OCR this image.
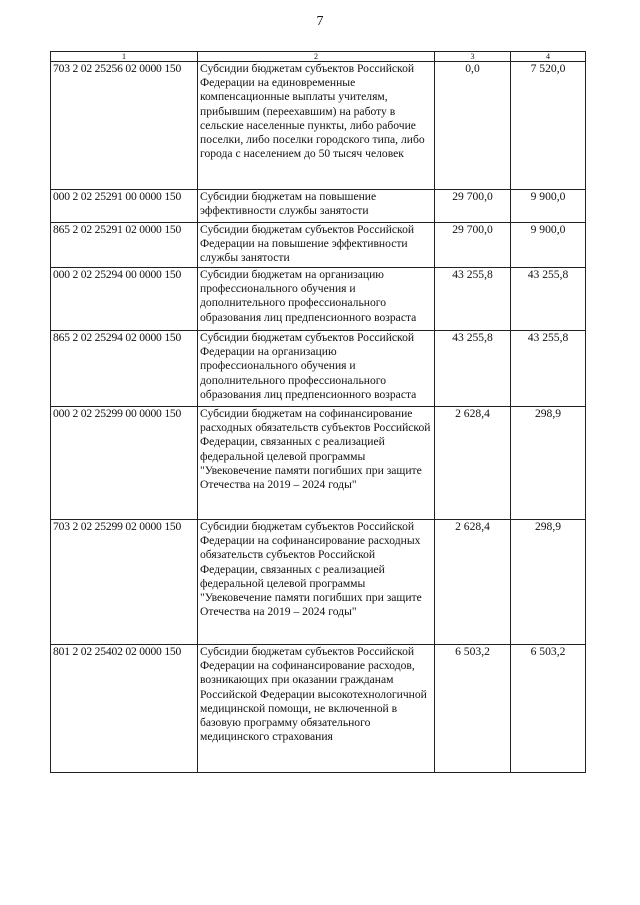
7
1	2	3	4
703 2 02 25256 02 0000 150	Субсидии бюджетам субъектов Российской Федерации на единовременные компенсационные выплаты учителям, прибывшим (переехавшим) на работу в сельские населенные пункты, либо рабочие поселки, либо поселки городского типа, либо города с населением до 50 тысяч человек	0,0	7 520,0
000 2 02 25291 00 0000 150	Субсидии бюджетам на повышение эффективности службы занятости	29 700,0	9 900,0
865 2 02 25291 02 0000 150	Субсидии бюджетам субъектов Российской Федерации на повышение эффективности службы занятости	29 700,0	9 900,0
000 2 02 25294 00 0000 150	Субсидии бюджетам на организацию профессионального обучения и дополнительного профессионального образования лиц предпенсионного возраста	43 255,8	43 255,8
865 2 02 25294 02 0000 150	Субсидии бюджетам субъектов Российской Федерации на организацию профессионального обучения и дополнительного профессионального образования лиц предпенсионного возраста	43 255,8	43 255,8
000 2 02 25299 00 0000 150	Субсидии бюджетам на софинансирование расходных обязательств субъектов Российской Федерации, связанных с реализацией федеральной целевой программы "Увековечение памяти погибших при защите Отечества на 2019 – 2024 годы"	2 628,4	298,9
703 2 02 25299 02 0000 150	Субсидии бюджетам субъектов Российской Федерации на софинансирование расходных обязательств субъектов Российской Федерации, связанных с реализацией федеральной целевой программы "Увековечение памяти погибших при защите Отечества на 2019 – 2024 годы"	2 628,4	298,9
801 2 02 25402 02 0000 150	Субсидии бюджетам субъектов Российской Федерации на софинансирование расходов, возникающих при оказании гражданам Российской Федерации высокотехнологичной медицинской помощи, не включенной в базовую программу обязательного медицинского страхования	6 503,2	6 503,2
